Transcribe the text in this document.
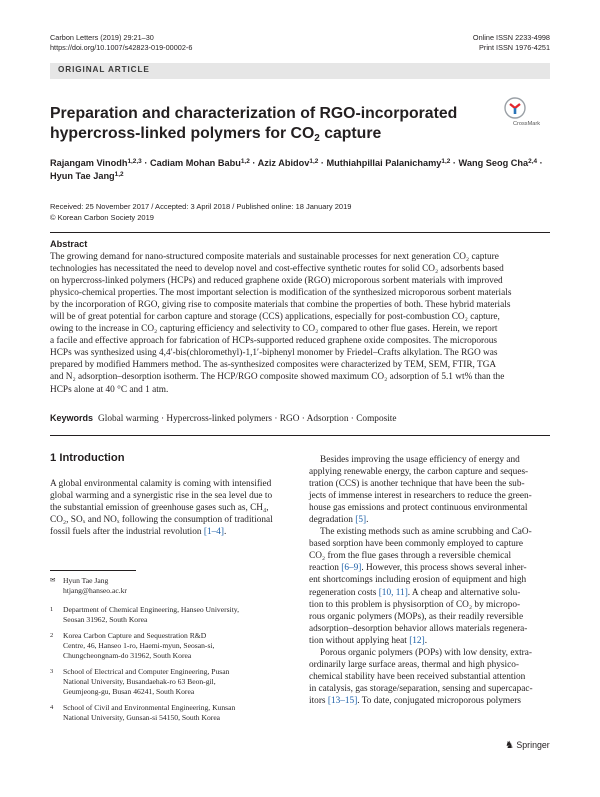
Carbon Letters (2019) 29:21–30
https://doi.org/10.1007/s42823-019-00002-6
Online ISSN 2233-4998
Print ISSN 1976-4251
ORIGINAL ARTICLE
CrossMark
Preparation and characterization of RGO-incorporated
hypercross-linked polymers for $CO_2$ capture
Rajangam Vinodh$^{1,2,3}$ · Cadiam Mohan Babu$^{1,2}$ · Aziz Abidov$^{1,2}$ · Muthiahpillai Palanichamy$^{1,2}$ · Wang Seog Cha$^{2,4}$ ·
Hyun Tae Jang$^{1,2}$
Received: 25 November 2017 / Accepted: 3 April 2018 / Published online: 18 January 2019
© Korean Carbon Society 2019
Abstract
The growing demand for nano-structured composite materials and sustainable processes for next generation CO₂ capture
technologies has necessitated the need to develop novel and cost-effective synthetic routes for solid CO₂ adsorbents based
on hypercross-linked polymers (HCPs) and reduced graphene oxide (RGO) microporous sorbent materials with improved
physico-chemical properties. The most important selection is modification of the synthesized microporous sorbent materials
by the incorporation of RGO, giving rise to composite materials that combine the properties of both. These hybrid materials
will be of great potential for carbon capture and storage (CCS) applications, especially for post-combustion CO₂ capture,
owing to the increase in CO₂ capturing efficiency and selectivity to CO₂ compared to other flue gases. Herein, we report
a facile and effective approach for fabrication of HCPs-supported reduced graphene oxide composites. The microporous
HCPs was synthesized using 4,4′-bis(chloromethyl)-1,1′-biphenyl monomer by Friedel–Crafts alkylation. The RGO was
prepared by modified Hammers method. The as-synthesized composites were characterized by TEM, SEM, FTIR, TGA
and N₂ adsorption–desorption isotherm. The HCP/RGO composite showed maximum CO₂ adsorption of 5.1 wt% than the
HCPs alone at 40 °C and 1 atm.
Keywords Global warming · Hypercross-linked polymers · RGO · Adsorption · Composite
1 Introduction
A global environmental calamity is coming with intensified
global warming and a synergistic rise in the sea level due to
the substantial emission of greenhouse gases such as, CH₄,
CO₂, SOₓ and NOₓ following the consumption of traditional
fossil fuels after the industrial revolution [1–4].
✉ Hyun Tae Jang
htjang@hanseo.ac.kr
1 Department of Chemical Engineering, Hanseo University,
Seosan 31962, South Korea
2 Korea Carbon Capture and Sequestration R&D
Centre, 46, Hanseo 1-ro, Haemi-myun, Seosan-si,
Chungcheongnam-do 31962, South Korea
3 School of Electrical and Computer Engineering, Pusan
National University, Busandaehak-ro 63 Beon-gil,
Geumjeong-gu, Busan 46241, South Korea
4 School of Civil and Environmental Engineering, Kunsan
National University, Gunsan-si 54150, South Korea
Besides improving the usage efficiency of energy and
applying renewable energy, the carbon capture and seques-
tration (CCS) is another technique that have been the sub-
jects of immense interest in researchers to reduce the green-
house gas emissions and protect continuous environmental
degradation [5].
The existing methods such as amine scrubbing and CaO-
based sorption have been commonly employed to capture
CO₂ from the flue gases through a reversible chemical
reaction [6–9]. However, this process shows several inher-
ent shortcomings including erosion of equipment and high
regeneration costs [10, 11]. A cheap and alternative solu-
tion to this problem is physisorption of CO₂ by micropo-
rous organic polymers (MOPs), as their readily reversible
adsorption–desorption behavior allows materials regenera-
tion without applying heat [12].
Porous organic polymers (POPs) with low density, extra-
ordinarily large surface areas, thermal and high physico-
chemical stability have been received substantial attention
in catalysis, gas storage/separation, sensing and supercapac-
itors [13–15]. To date, conjugated microporous polymers
♞ Springer
